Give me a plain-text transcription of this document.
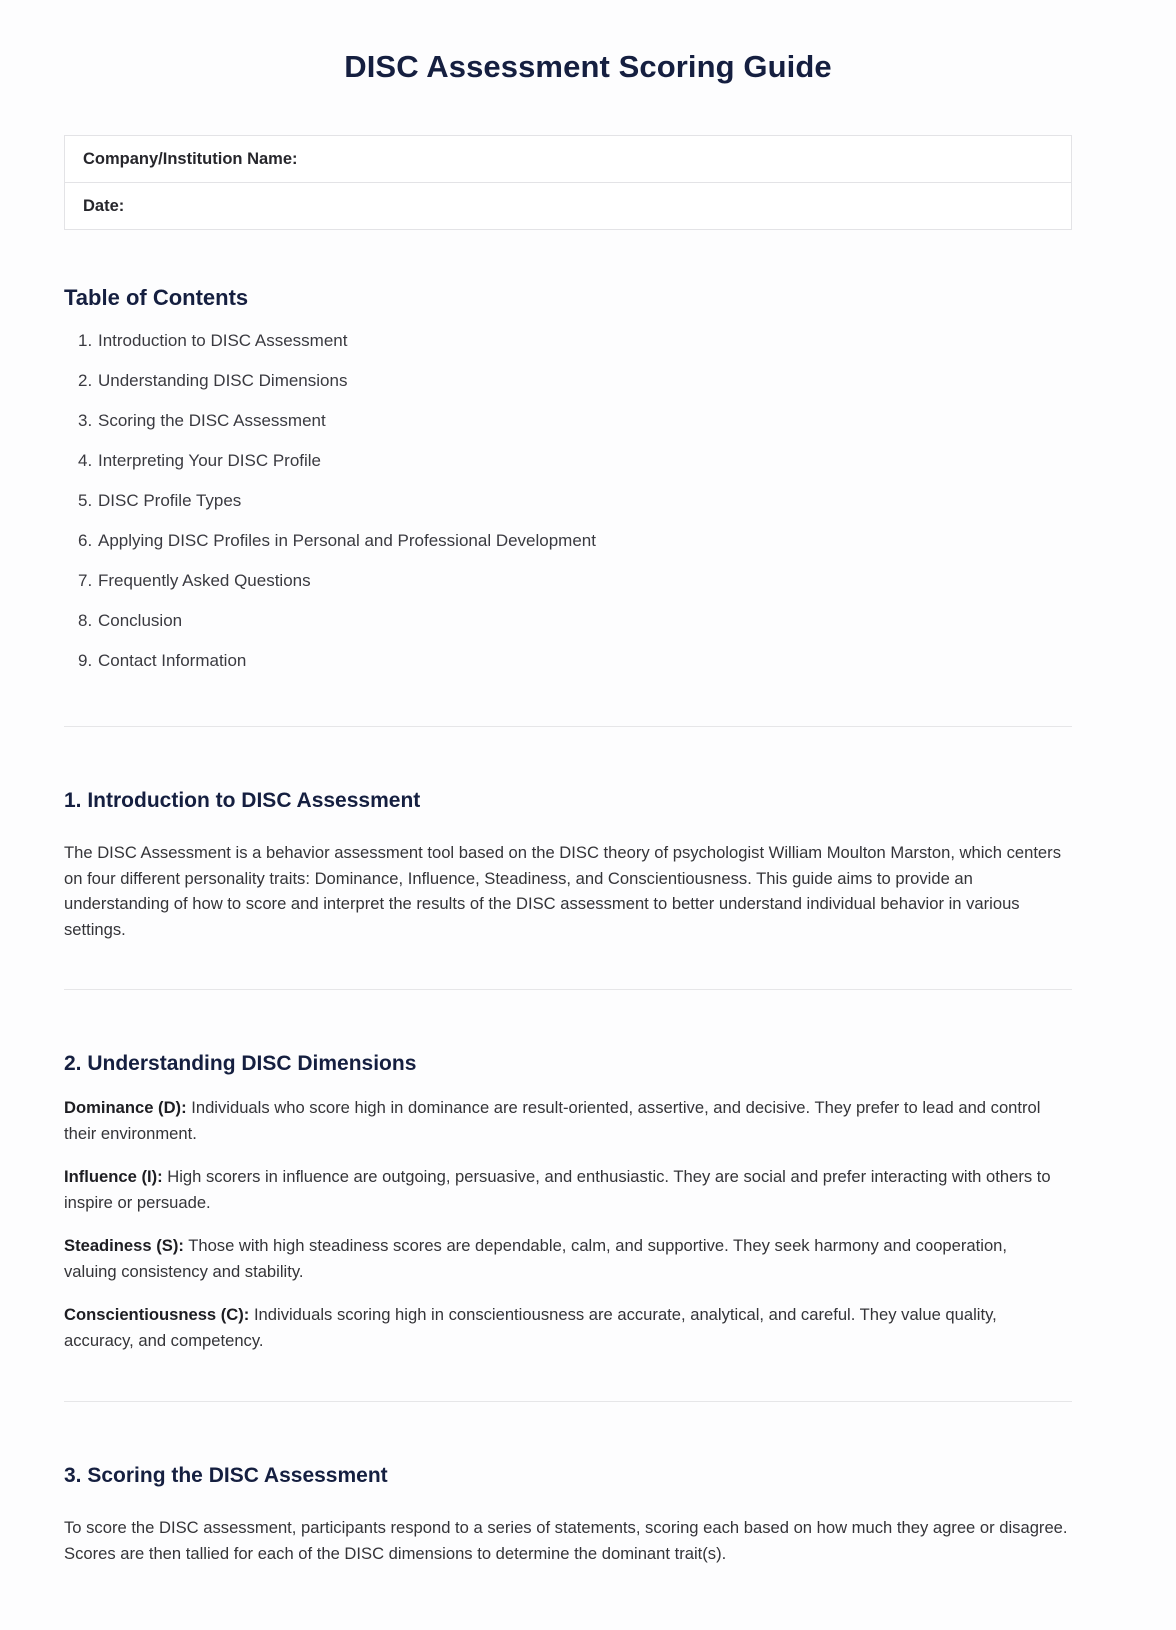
DISC Assessment Scoring Guide
Company/Institution Name:
Date:
Table of Contents
1. Introduction to DISC Assessment
2. Understanding DISC Dimensions
3. Scoring the DISC Assessment
4. Interpreting Your DISC Profile
5. DISC Profile Types
6. Applying DISC Profiles in Personal and Professional Development
7. Frequently Asked Questions
8. Conclusion
9. Contact Information
1. Introduction to DISC Assessment

The DISC Assessment is a behavior assessment tool based on the DISC theory of psychologist William Moulton Marston, which centers on four different personality traits: Dominance, Influence, Steadiness, and Conscientiousness. This guide aims to provide an understanding of how to score and interpret the results of the DISC assessment to better understand individual behavior in various settings.

2. Understanding DISC Dimensions

Dominance (D): Individuals who score high in dominance are result-oriented, assertive, and decisive. They prefer to lead and control their environment.

Influence (I): High scorers in influence are outgoing, persuasive, and enthusiastic. They are social and prefer interacting with others to inspire or persuade.

Steadiness (S): Those with high steadiness scores are dependable, calm, and supportive. They seek harmony and cooperation, valuing consistency and stability.

Conscientiousness (C): Individuals scoring high in conscientiousness are accurate, analytical, and careful. They value quality, accuracy, and competency.

3. Scoring the DISC Assessment

To score the DISC assessment, participants respond to a series of statements, scoring each based on how much they agree or disagree. Scores are then tallied for each of the DISC dimensions to determine the dominant trait(s).
